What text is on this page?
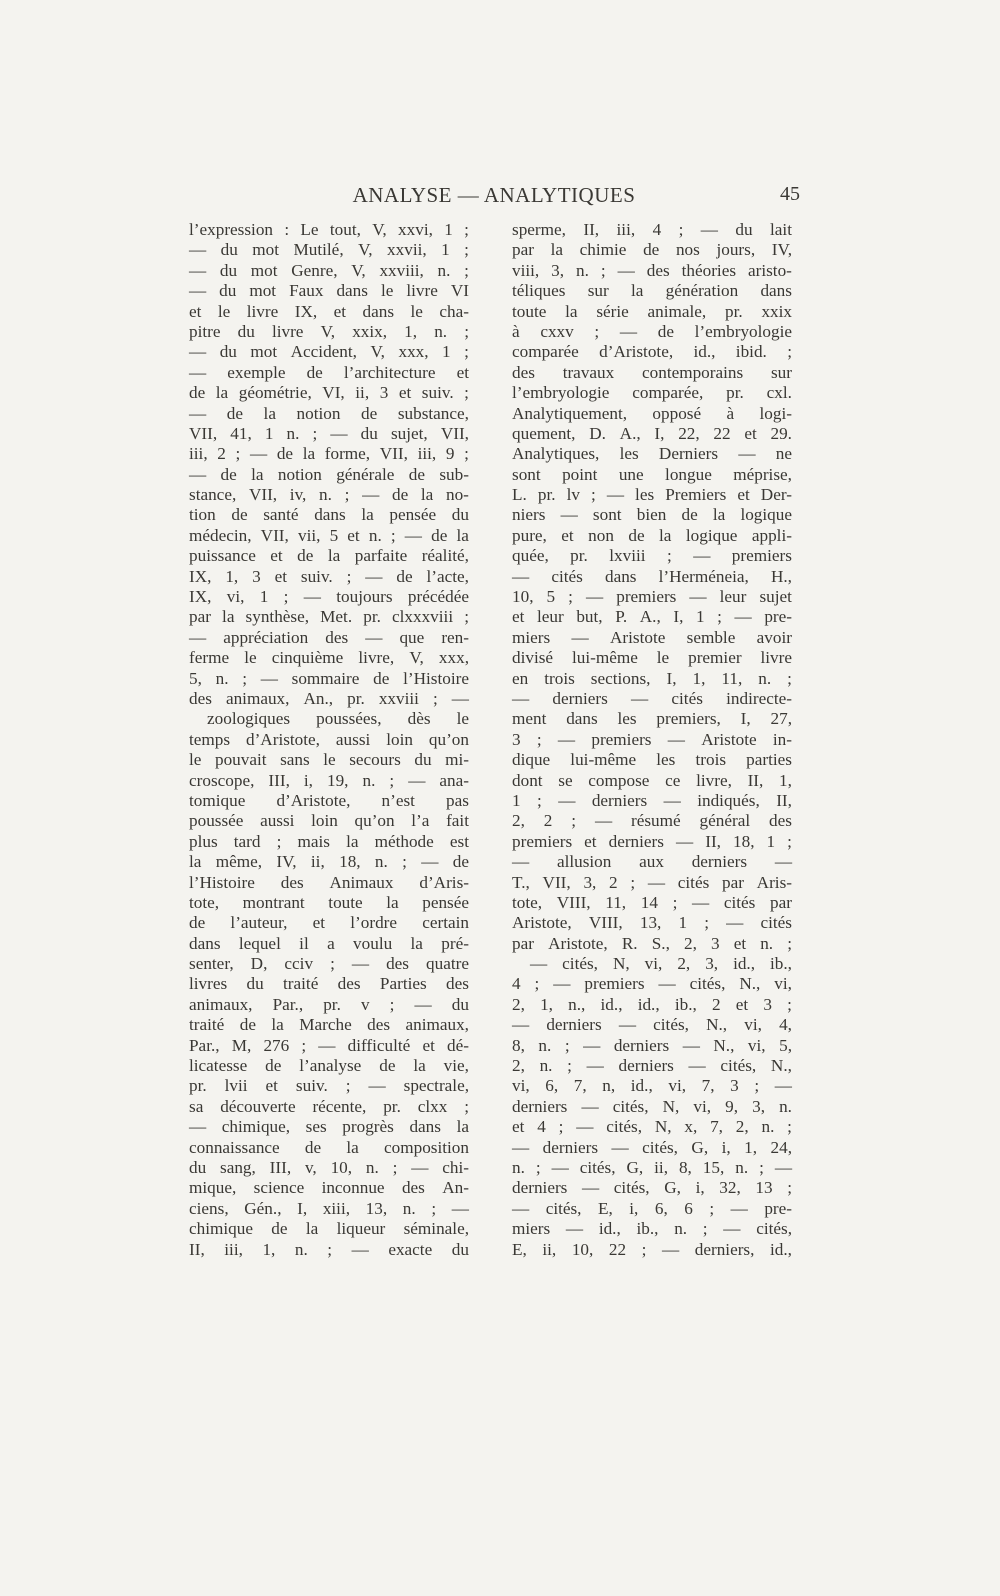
ANALYSE — ANALYTIQUES	45
l’expression : Le tout, V, xxvi, 1 ;
— du mot Mutilé, V, xxvii, 1 ;
— du mot Genre, V, xxviii, n. ;
— du mot Faux dans le livre VI
et le livre IX, et dans le cha-
pitre du livre V, xxix, 1, n. ;
— du mot Accident, V, xxx, 1 ;
— exemple de l’architecture et
de la géométrie, VI, ii, 3 et suiv. ;
— de la notion de substance,
VII, 41, 1 n. ; — du sujet, VII,
iii, 2 ; — de la forme, VII, iii, 9 ;
— de la notion générale de sub-
stance, VII, iv, n. ; — de la no-
tion de santé dans la pensée du
médecin, VII, vii, 5 et n. ; — de la
puissance et de la parfaite réalité,
IX, 1, 3 et suiv. ; — de l’acte,
IX, vi, 1 ; — toujours précédée
par la synthèse, Met. pr. clxxxviii ;
— appréciation des — que ren-
ferme le cinquième livre, V, xxx,
5, n. ; — sommaire de l’Histoire
des animaux, An., pr. xxviii ; —
zoologiques poussées, dès le
temps d’Aristote, aussi loin qu’on
le pouvait sans le secours du mi-
croscope, III, i, 19, n. ; — ana-
tomique d’Aristote, n’est pas
poussée aussi loin qu’on l’a fait
plus tard ; mais la méthode est
la même, IV, ii, 18, n. ; — de
l’Histoire des Animaux d’Aris-
tote, montrant toute la pensée
de l’auteur, et l’ordre certain
dans lequel il a voulu la pré-
senter, D, cciv ; — des quatre
livres du traité des Parties des
animaux, Par., pr. v ; — du
traité de la Marche des animaux,
Par., M, 276 ; — difficulté et dé-
licatesse de l’analyse de la vie,
pr. lvii et suiv. ; — spectrale,
sa découverte récente, pr. clxx ;
— chimique, ses progrès dans la
connaissance de la composition
du sang, III, v, 10, n. ; — chi-
mique, science inconnue des An-
ciens, Gén., I, xiii, 13, n. ; —
chimique de la liqueur séminale,
II, iii, 1, n. ; — exacte du
sperme, II, iii, 4 ; — du lait
par la chimie de nos jours, IV,
viii, 3, n. ; — des théories aristo-
téliques sur la génération dans
toute la série animale, pr. xxix
à cxxv ; — de l’embryologie
comparée d’Aristote, id., ibid. ;
des travaux contemporains sur
l’embryologie comparée, pr. cxl.
Analytiquement, opposé à logi-
quement, D. A., I, 22, 22 et 29.
Analytiques, les Derniers — ne
sont point une longue méprise,
L. pr. lv ; — les Premiers et Der-
niers — sont bien de la logique
pure, et non de la logique appli-
quée, pr. lxviii ; — premiers
— cités dans l’Herméneia, H.,
10, 5 ; — premiers — leur sujet
et leur but, P. A., I, 1 ; — pre-
miers — Aristote semble avoir
divisé lui-même le premier livre
en trois sections, I, 1, 11, n. ;
— derniers — cités indirecte-
ment dans les premiers, I, 27,
3 ; — premiers — Aristote in-
dique lui-même les trois parties
dont se compose ce livre, II, 1,
1 ; — derniers — indiqués, II,
2, 2 ; — résumé général des
premiers et derniers — II, 18, 1 ;
— allusion aux derniers —
T., VII, 3, 2 ; — cités par Aris-
tote, VIII, 11, 14 ; — cités par
Aristote, VIII, 13, 1 ; — cités
par Aristote, R. S., 2, 3 et n. ;
— cités, N, vi, 2, 3, id., ib.,
4 ; — premiers — cités, N., vi,
2, 1, n., id., id., ib., 2 et 3 ;
— derniers — cités, N., vi, 4,
8, n. ; — derniers — N., vi, 5,
2, n. ; — derniers — cités, N.,
vi, 6, 7, n, id., vi, 7, 3 ; —
derniers — cités, N, vi, 9, 3, n.
et 4 ; — cités, N, x, 7, 2, n. ;
— derniers — cités, G, i, 1, 24,
n. ; — cités, G, ii, 8, 15, n. ; —
derniers — cités, G, i, 32, 13 ;
— cités, E, i, 6, 6 ; — pre-
miers — id., ib., n. ; — cités,
E, ii, 10, 22 ; — derniers, id.,
